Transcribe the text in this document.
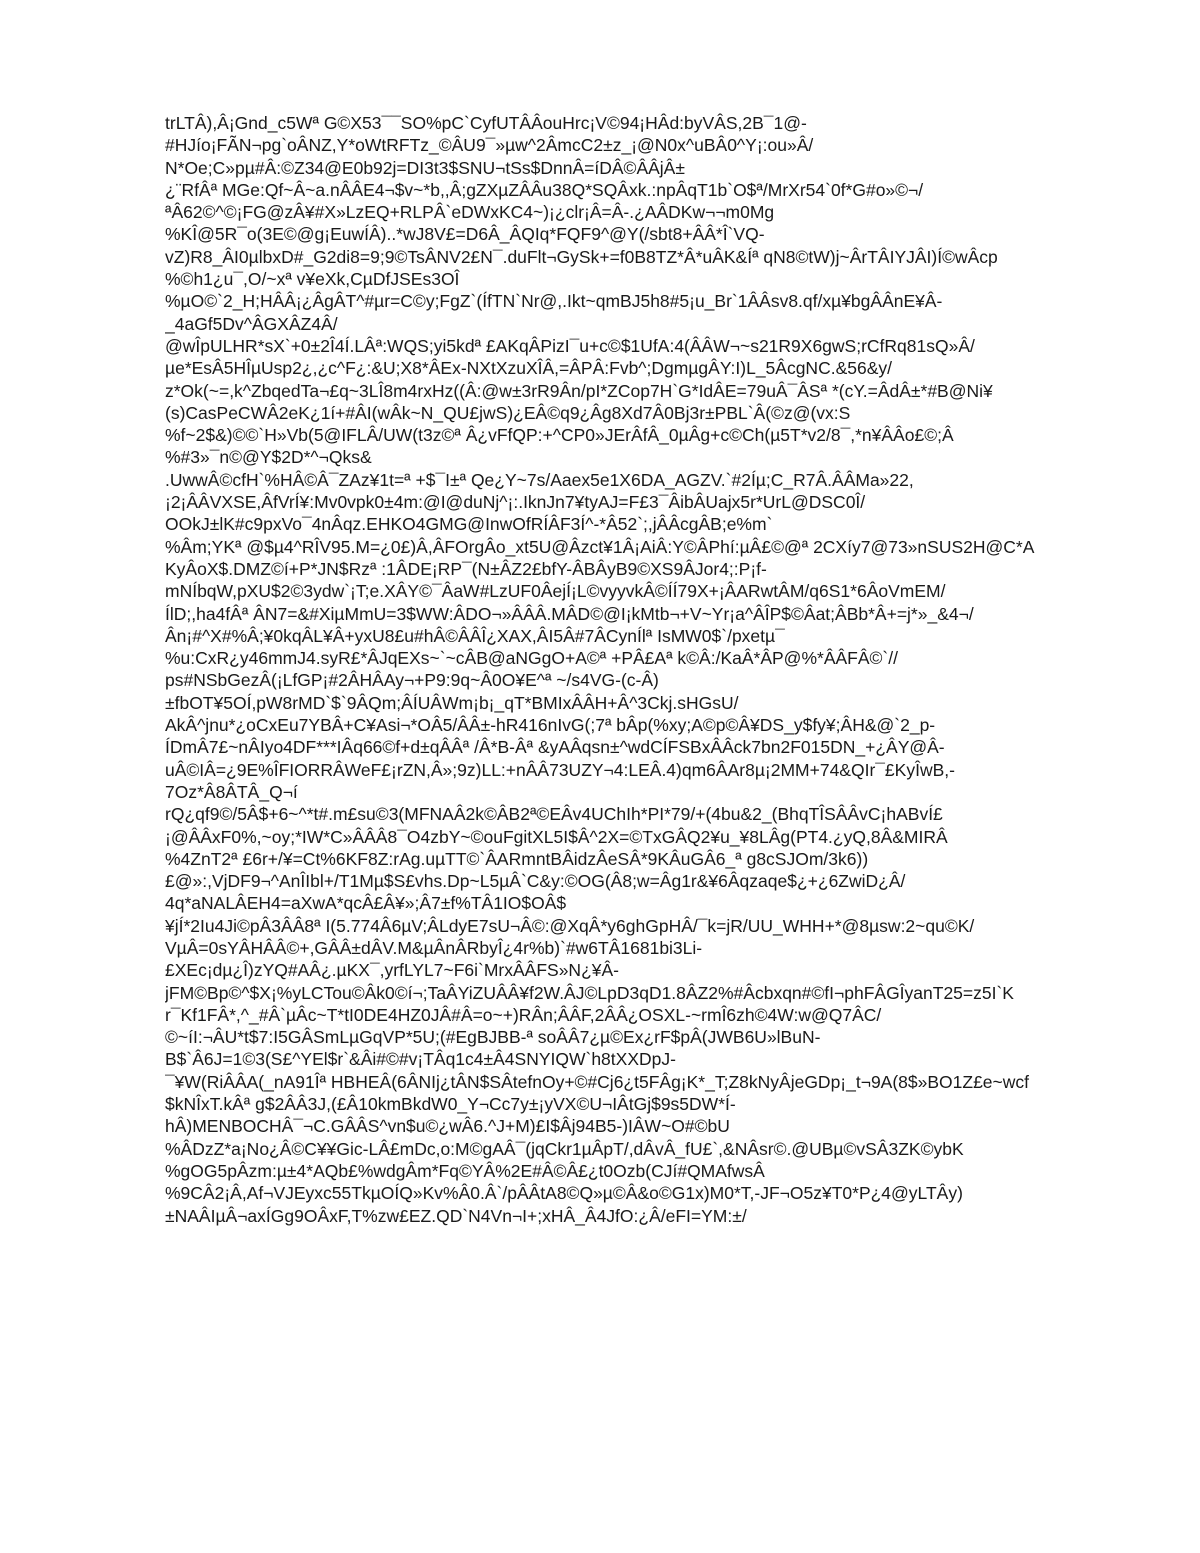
trLTÂ),Â¡Gnd_c5Wª G©X53¯¯SO%pC`CyfUTÂÂouHrc¡V©94¡HÂd:byVÂS,2B¯1@-
#HJío¡FÃN¬pg`oÂNZ,Y*oWtRFTz_©ÂU9¯»µw^2ÂmcC2±z_¡@N0x^uBÂ0^Y¡:ou»Â/
N*Oe;C»pµ#Â:©Z34@E0b92j=DI3t3$SNU¬tSs$DnnÂ=íDÂ©ÂÂjÂ±
¿¨RfÂª MGe:Qf~Â~a.nÂÂE4¬$v~*b,,Â;gZXµZÂÂu38Q*SQÂxk.:npÂqT1b`O$ª/MrXr54`0f*G#o»©¬/
ªÂ62©^©¡FG@zÂ¥#X»LzEQ+RLPÂ`eDWxKC4~)¡¿clr¡Â=Â-.¿AÂDKw¬¬m0Mg
%KÎ@5R¯o(3E©@g¡EuwÍÂ)..*wJ8V£=D6Â_ÂQIq*FQF9^@Y(/sbt8+ÂÂ*Î`VQ-
vZ)R8_ÂI0µlbxD#_G2di8=9;9©TsÂNV2£N¯.duFlt¬GySk+=f0B8TZ*Â*uÂK&Íª qN8©tW)j~ÂrTÂIYJÂI)Í©wÂcp
%©h1¿u¯,O/~xª v¥eXk,CµDfJSEs3OÎ
%µO©`2_H;HÂÂ¡¿ÂgÂT^#µr=C©y;FgZ`(ÍfTN`Nr@,.Ikt~qmBJ5h8#5¡u_Br`1ÂÂsv8.qf/xµ¥bgÂÂnE¥Â-
_4aGf5Dv^ÂGXÂZ4Â/
@wÎpULHR*sX`+0±2Î4Í.LÂª:WQS;yi5kdª £AKqÂPizI¯u+c©$1UfA:4(ÂÂW¬~s21R9X6gwS;rCfRq81sQ»Â/
µe*EsÂ5HÎµUsp2¿,¿c^F¿:&U;X8*ÂEx-NXtXzuXÎÂ,=ÂPÂ:Fvb^;DgmµgÂY:I)L_5ÂcgNC.&56&y/
z*Ok(~=,k^ZbqedTa¬£q~3LÎ8m4rxHz((Â:@w±3rR9Ân/pI*ZCop7H`G*IdÂE=79uÂ¯ÂSª *(cY.=ÂdÂ±*#B@Ni¥
(s)CasPeCWÂ2eK¿1í+#ÂI(wÂk~N_QU£jwS)¿EÂ©q9¿Âg8Xd7Â0Bj3r±PBL`Â(©z@(vx:S
%f~2$&)©©`H»Vb(5@IFLÂ/UW(t3z©ª Â¿vFfQP:+^CP0»JErÂfÂ_0µÂg+c©Ch(µ5T*v2/8¯,*n¥ÂÂo£©;Â
%#3»¯n©@Y$2D*^¬Qks&
.UwwÂ©cfH`%HÂ©Â¯ZAz¥1t=ª +$¯I±ª Qe¿Y~7s/Aaex5e1X6DA_AGZV.`#2Íµ;C_R7Â.ÂÂMa»22,
¡2¡ÂÂVXSE,ÂfVrÍ¥:Mv0vpk0±4m:@I@duNj^¡:.IknJn7¥tyAJ=F£3¯ÂibÂUajx5r*UrL@DSC0Î/
OOkJ±lK#c9pxVo¯4nÂqz.EHKO4GMG@InwOfRÍÂF3Í^-*Â52`;,jÂÂcgÂB;e%m`
%Âm;YKª @$µ4^RÎV95.M=¿0£)Â,ÂFOrgÂo_xt5U@Âzct¥1Â¡AiÂ:Y©ÂPhí:µÂ£©@ª 2CXíy7@73»nSUS2H@C*A
KyÂoX$.DMZ©í+P*JN$Rzª :1ÂDE¡RP¯(N±ÂZ2£bfY-ÂBÂyB9©XS9ÂJor4;:P¡f-
mNÍbqW,pXU$2©3ydw`¡T;e.XÂY©¯ÂaW#LzUF0ÂejÍ¡L©vyyvkÂ©ÍÍ79X+¡ÂARwtÂM/q6S1*6ÂoVmEM/
ÍlD;,ha4fÂª ÂN7=&#XiµMmU=3$WW:ÂDO¬»ÂÂÂ.MÂD©@I¡kMtb¬+V~Yr¡a^ÂÎP$©Âat;ÂBb*Â+=j*»_&4¬/
Ân¡#^X#%Â;¥0kqÂL¥Â+yxU8£u#hÂ©ÂÂÎ¿XAX,ÂI5Â#7ÂCynÍlª IsMW0$`/pxetµ¯
%u:CxR¿y46mmJ4.syR£*ÂJqEXs~`~cÂB@aNGgO+A©ª +PÂ£Aª k©Â:/KaÂ*ÂP@%*ÂÂFÂ©`//
ps#NSbGezÂ(¡LfGP¡#2ÂHÂAy¬+P9:9q~Â0O¥E^ª ~/s4VG-(c-Â)
±fbOT¥5OÍ,pW8rMD`$`9ÂQm;ÂÍUÂWm¡b¡_qT*BMIxÂÂH+Â^3Ckj.sHGsU/
AkÂ^jnu*¿oCxEu7YBÂ+C¥Asi¬*OÂ5/ÂÂ±-hR416nIvG(;7ª bÂp(%xy;A©p©Â¥DS_y$fy¥;ÂH&@`2_p-
ÍDmÂ7£~nÂIyo4DF***IÂq66©f+d±qÂÂª /Â*B-Âª &yAÂqsn±^wdCÍFSBxÂÂck7bn2F015DN_+¿ÂY@Â-
uÂ©IÂ=¿9E%ÎFIORRÂWeF£¡rZN,Â»;9z)LL:+nÂÂ73UZY¬4:LEÂ.4)qm6ÂAr8µ¡2MM+74&QIr¯£KyÎwB,-
7Oz*Â8ÂTÂ_Q¬í
rQ¿qf9©/5Â$+6~^*t#.m£su©3(MFNAÂ2k©ÂB2ª©EÂv4UChIh*PI*79/+(4bu&2_(BhqTÎSÂÂvC¡hABvÍ£
¡@ÂÂxF0%,~oy;*IW*C»ÂÂÂ8¯O4zbY~©ouFgitXL5I$Â^2X=©TxGÂQ2¥u_¥8LÂg(PT4.¿yQ,8Â&MIRÂ
%4ZnT2ª £6r+/¥=Ct%6KF8Z:rAg.uµTT©`ÂARmntBÂidzÂeSÂ*9KÂuGÂ6_ª g8cSJOm/3k6))
£@»:,VjDF9¬^AnÎIbl+/T1Mµ$S£vhs.Dp~L5µÂ`C&y:©OG(Â8;w=Âg1r&¥6Âqzaqe$¿+¿6ZwiD¿Â/
4q*aNALÂEH4=aXwA*qcÂ£Â¥»;Â7±f%TÂ1IO$OÂ$
¥jÍ*2Iu4Ji©pÂ3ÂÂ8ª I(5.774Â6µV;ÂLdyE7sU¬Â©:@XqÂ*y6ghGpHÂ/¯k=jR/UU_WHH+*@8µsw:2~qu©K/
VµÂ=0sYÂHÂÂ©+,GÂÂ±dÂV.M&µÂnÂRbyÎ¿4r%b)`#w6TÂ1681bi3Li-
£XEc¡dµ¿Î)zYQ#AÂ¿.µKX¯,yrfLYL7~F6i`MrxÂÂFS»N¿¥Â-
jFM©Bp©^$X¡%yLCTou©Âk0©í¬;TaÂYiZUÂÂ¥f2W.ÂJ©LpD3qD1.8ÂZ2%#Âcbxqn#©fI¬phFÂGÎyanT25=z5I`K
r¯Kf1FÂ*,^_#Â`µÂc~T*tI0DE4HZ0JÂ#Â=o~+)RÂn;ÂÂF,2ÂÂ¿OSXL-~rmÎ6zh©4W:w@Q7ÂC/
©~íI:¬ÂU*t$7:I5GÂSmLµGqVP*5U;(#EgBJBB-ª soÂÂ7¿µ©Ex¿rF$pÂ(JWB6U»lBuN-
B$`Â6J=1©3(S£^YEl$r`&Âi#©#v¡TÂq1c4±Â4SNYIQW`h8tXXDpJ-
¯¥W(RiÂÂA(_nA91Îª HBHEÂ(6ÂNIj¿tÂN$SÂtefnOy+©#Cj6¿t5FÂg¡K*_T;Z8kNyÂjeGDp¡_t¬9A(8$»BO1Z£e~wcf
$kNÎxT.kÂª g$2ÂÂ3J,(£Â10kmBkdW0_Y¬Cc7y±¡yVX©U¬IÂtGj$9s5DW*Í-
hÂ)MENBOCHÂ¯¬C.GÂÂS^vn$u©¿wÂ6.^J+M)£I$Âj94B5-)IÂW~O#©bU
%ÂDzZ*a¡No¿Â©C¥¥Gic-LÂ£mDc,o:M©gAÂ¯(jqCkr1µÂpT/,dÂvÂ_fU£`,&NÂsr©.@UBµ©vSÂ3ZK©ybK
%gOG5pÂzm:µ±4*AQb£%wdgÂm*Fq©YÂ%2E#Â©Â£¿t0Ozb(CJí#QMAfwsÂ
%9CÂ2¡Â,Af¬VJEyxc55TkµOÍQ»Kv%Â0.Â`/pÂÂtA8©Q»µ©Â&o©G1x)M0*T,-JF¬O5z¥T0*P¿4@yLTÂy)
±NAÂIµÂ¬axÍGg9OÂxF,T%zw£EZ.QD`N4Vn¬I+;xHÂ_Â4JfO:¿Â/eFI=YM:±/
